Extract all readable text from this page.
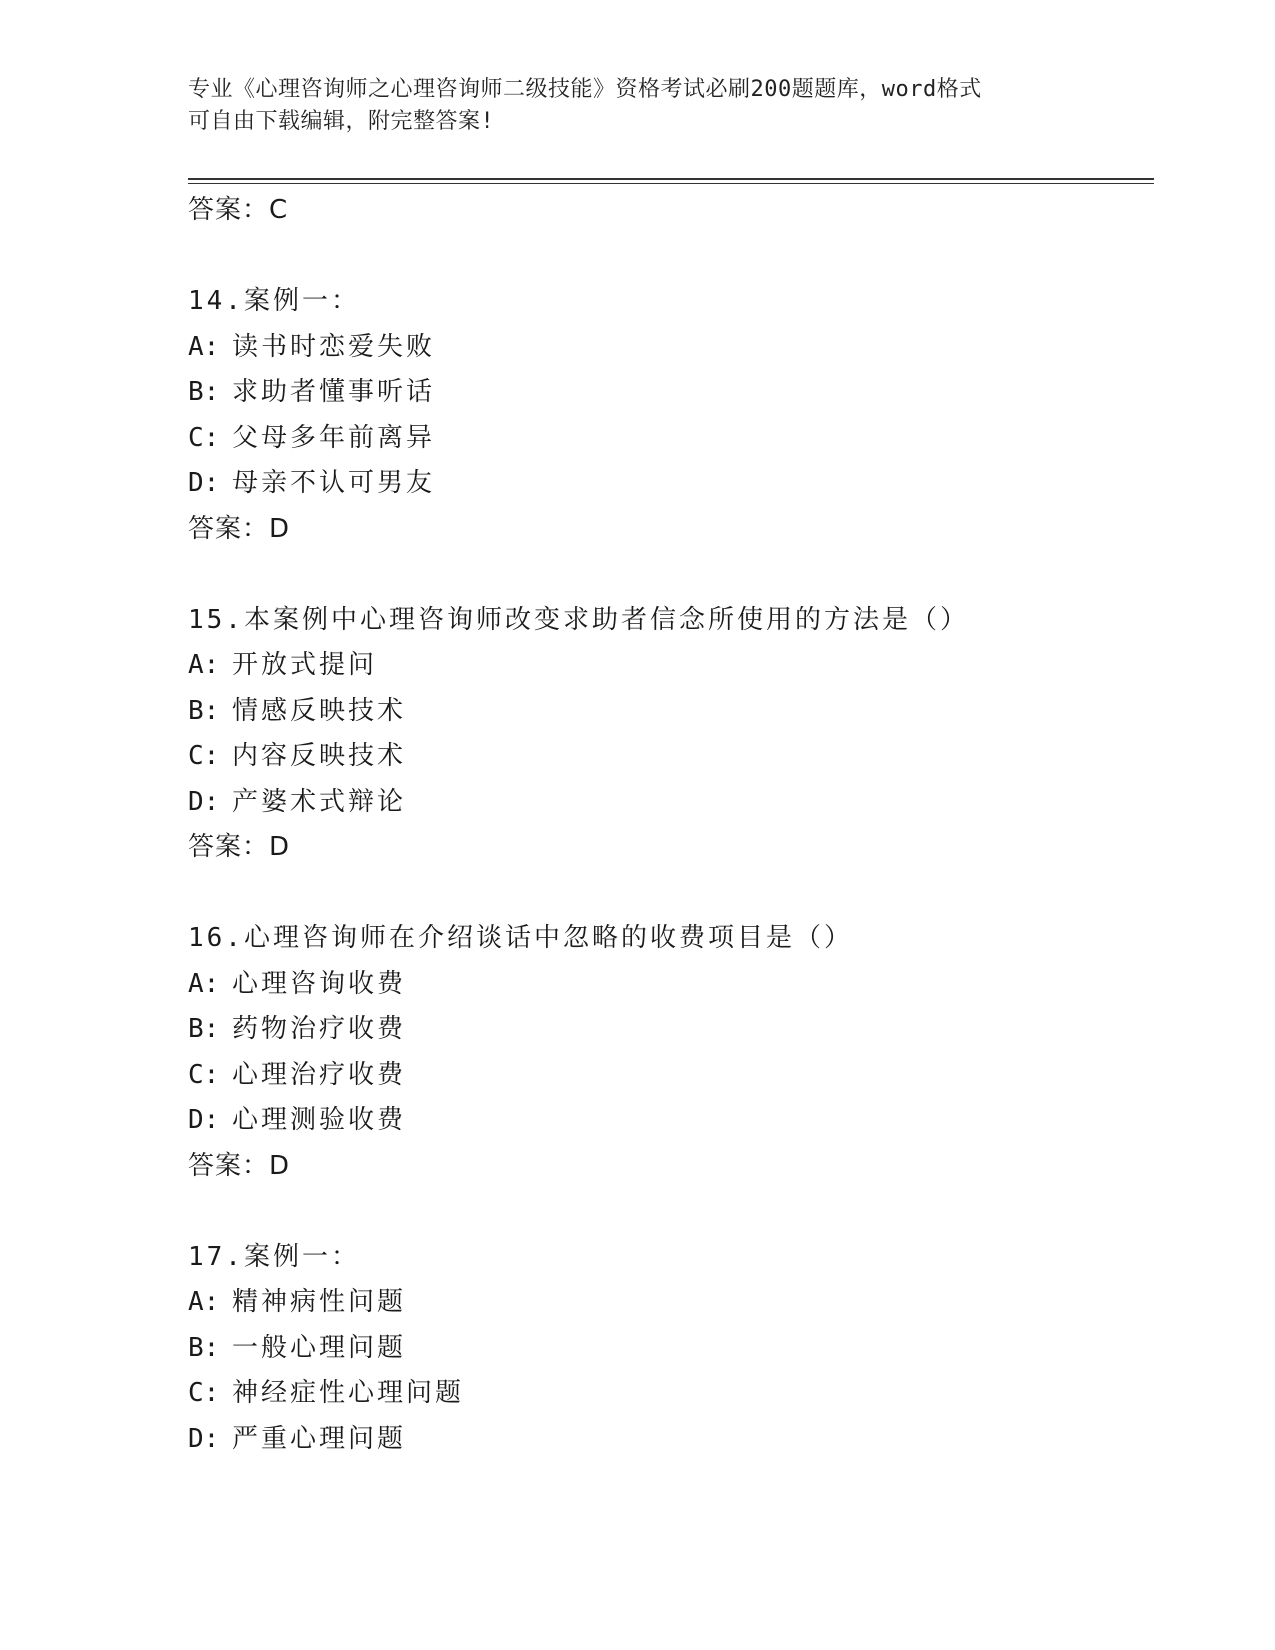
专业《心理咨询师之心理咨询师二级技能》资格考试必刷200题题库，word格式
可自由下载编辑，附完整答案!
答案：C
14.案例一：
A: 读书时恋爱失败
B: 求助者懂事听话
C: 父母多年前离异
D: 母亲不认可男友
答案：D
15.本案例中心理咨询师改变求助者信念所使用的方法是（）
A: 开放式提问
B: 情感反映技术
C: 内容反映技术
D: 产婆术式辩论
答案：D
16.心理咨询师在介绍谈话中忽略的收费项目是（）
A: 心理咨询收费
B: 药物治疗收费
C: 心理治疗收费
D: 心理测验收费
答案：D
17.案例一：
A: 精神病性问题
B: 一般心理问题
C: 神经症性心理问题
D: 严重心理问题
